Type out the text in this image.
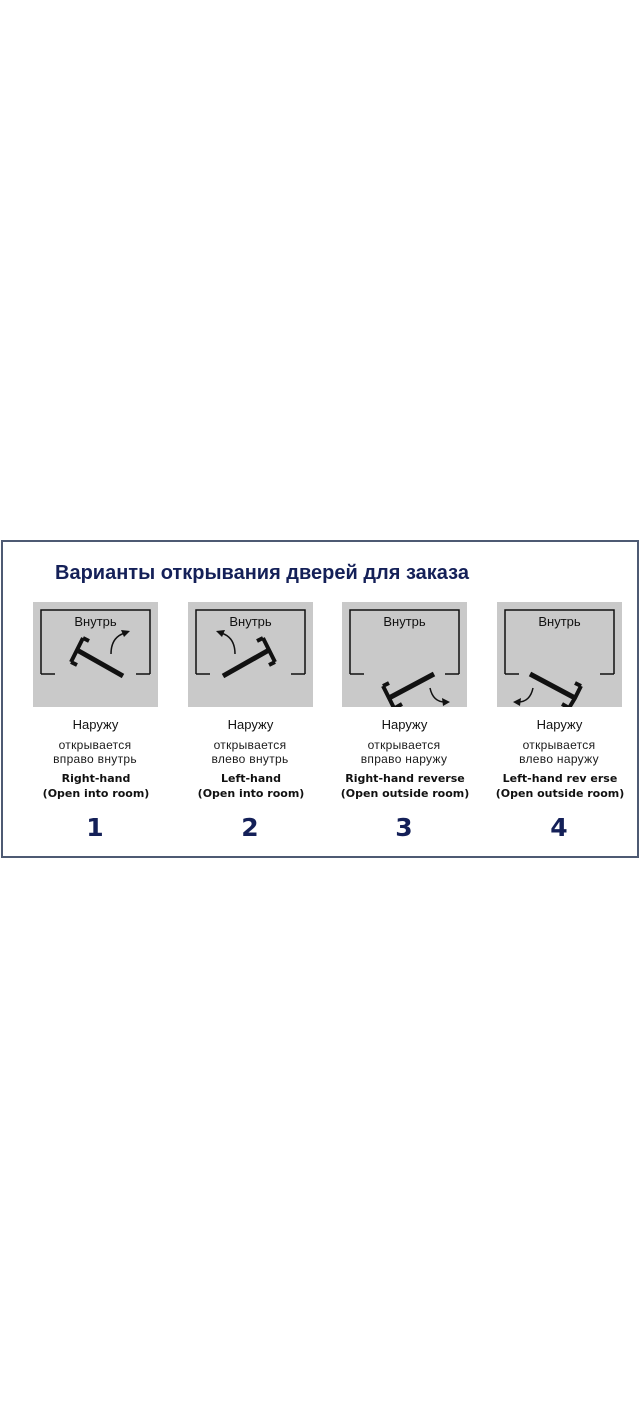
Варианты открывания дверей для заказа
Внутрь
Наружу
открывается
вправо внутрь
Right-hand
(Open into room)
1
Внутрь
Наружу
открывается
влево внутрь
Left-hand
(Open into room)
2
Внутрь
Наружу
открывается
вправо наружу
Right-hand reverse
(Open outside room)
3
Внутрь
Наружу
открывается
влево наружу
Left-hand rev erse
(Open outside room)
4
